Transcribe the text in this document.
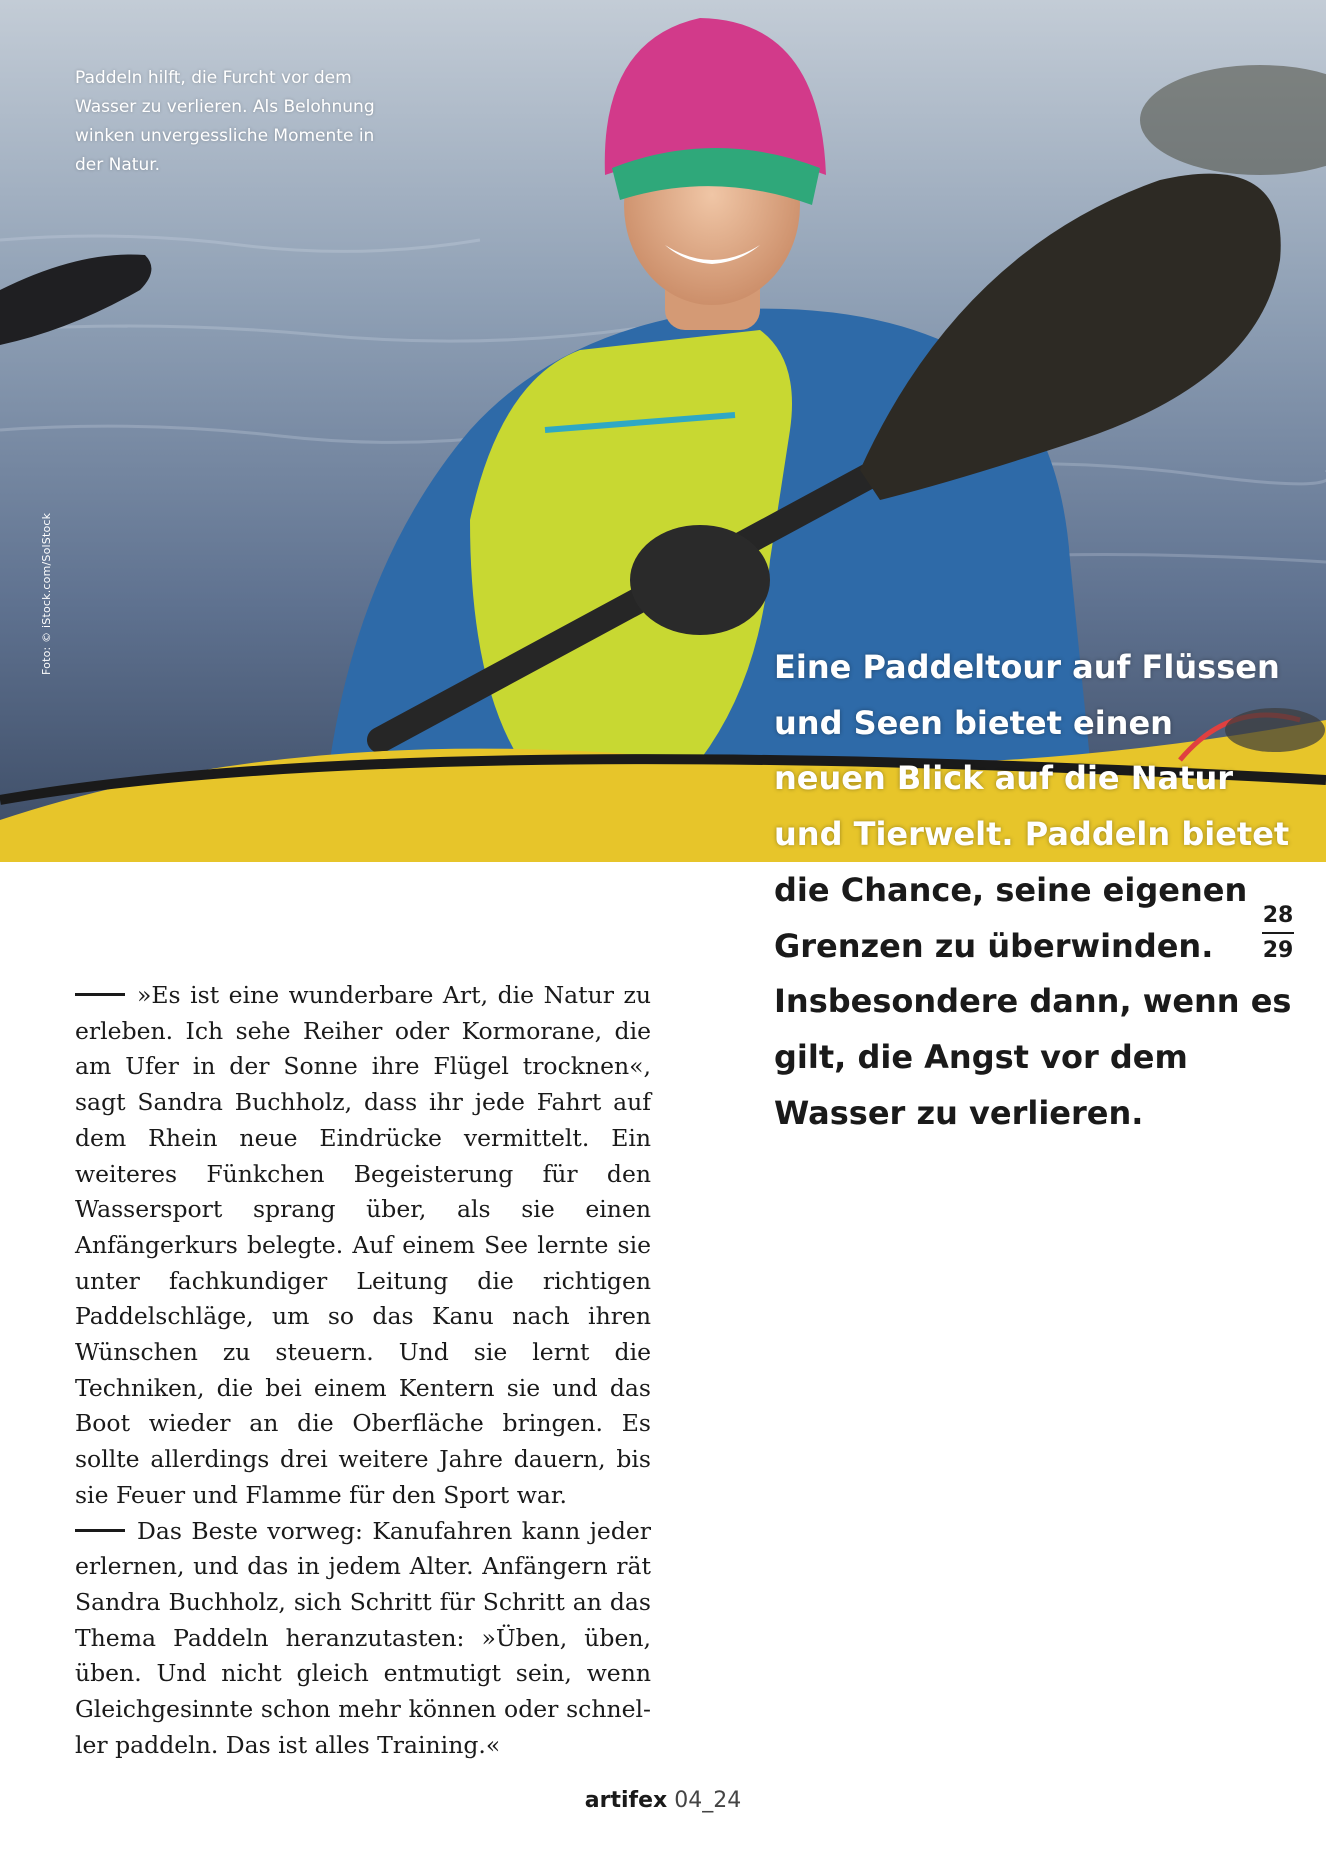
Paddeln hilft, die Furcht vor dem Wasser zu verlieren. Als Belohnung winken unvergessliche Momente in der Natur.

Foto: © iStock.com/SolStock	Eine Paddeltour auf Flüssen und Seen bietet einen neuen Blick auf die Natur und Tierwelt. Paddeln bietet die Chance, seine eigenen Grenzen zu überwinden. Insbesondere dann, wenn es gilt, die Angst vor dem Wasser zu verlieren.

28
29

»Es ist eine wunderbare Art, die Natur zu erleben. Ich sehe Reiher oder Kormorane, die am Ufer in der Sonne ihre Flügel trocknen«, sagt Sandra Buchholz, dass ihr jede Fahrt auf dem Rhein neue Eindrücke vermittelt. Ein weiteres Fünkchen Begeisterung für den Wassersport sprang über, als sie einen Anfängerkurs belegte. Auf einem See lernte sie unter fachkundiger Leitung die richtigen Paddelschläge, um so das Kanu nach ihren Wünschen zu steuern. Und sie lernt die Techniken, die bei einem Kentern sie und das Boot wieder an die Oberfläche bringen. Es sollte allerdings drei weitere Jahre dauern, bis sie Feuer und Flamme für den Sport war.

Das Beste vorweg: Kanufahren kann jeder erlernen, und das in jedem Alter. Anfängern rät Sandra Buchholz, sich Schritt für Schritt an das Thema Paddeln heranzutasten: »Üben, üben, üben. Und nicht gleich entmutigt sein, wenn Gleichgesinnte schon mehr können oder schneller paddeln. Das ist alles Training.«

artifex 04_24
